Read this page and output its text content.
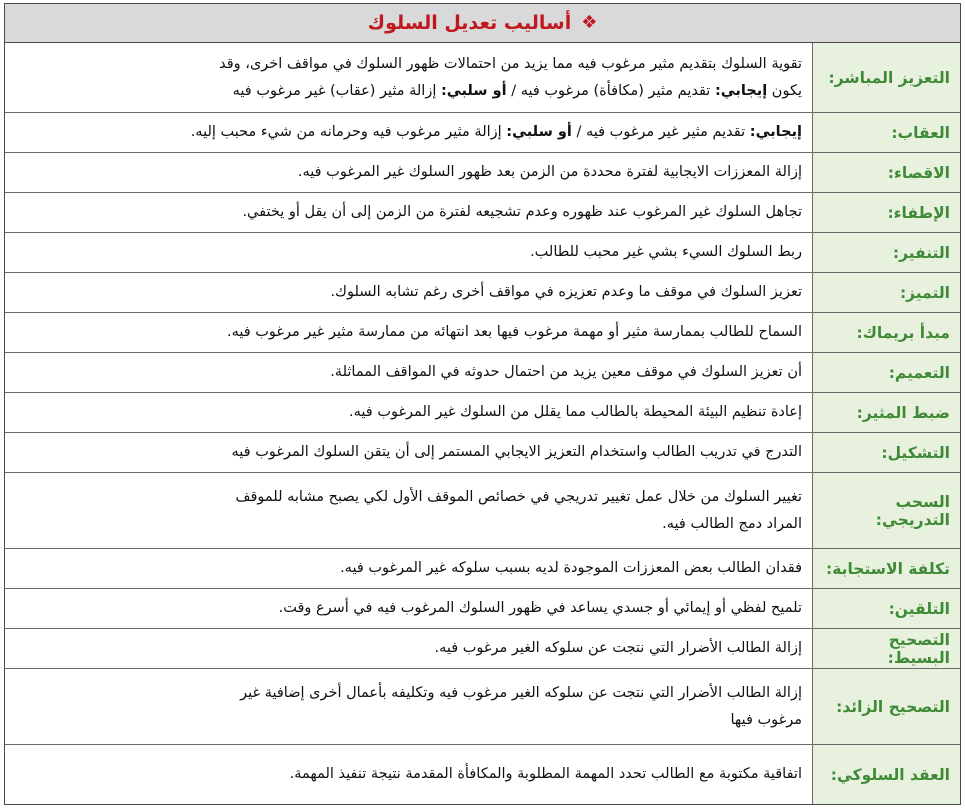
❖
أساليب تعديل السلوك
التعزيز المباشر:
تقوية السلوك بتقديم مثير مرغوب فيه مما يزيد من احتمالات ظهور السلوك في مواقف اخرى، وقد
يكون إيجابي: تقديم مثير (مكافأة) مرغوب فيه / أو سلبي: إزالة مثير (عقاب) غير مرغوب فيه
العقاب:
إيجابي: تقديم مثير غير مرغوب فيه / أو سلبي: إزالة مثير مرغوب فيه وحرمانه من شيء محبب إليه.
الاقصاء:
إزالة المعززات الايجابية لفترة محددة من الزمن بعد ظهور السلوك غير المرغوب فيه.
الإطفاء:
تجاهل السلوك غير المرغوب عند ظهوره وعدم تشجيعه لفترة من الزمن إلى أن يقل أو يختفي.
التنفير:
ربط السلوك السيء بشي غير محبب للطالب.
التميز:
تعزيز السلوك في موقف ما وعدم تعزيزه في مواقف أخرى رغم تشابه السلوك.
مبدأ بريماك:
السماح للطالب بممارسة مثير أو مهمة مرغوب فيها بعد انتهائه من ممارسة مثير غير مرغوب فيه.
التعميم:
أن تعزيز السلوك في موقف معين يزيد من احتمال حدوثه في المواقف المماثلة.
ضبط المثير:
إعادة تنظيم البيئة المحيطة بالطالب مما يقلل من السلوك غير المرغوب فيه.
التشكيل:
التدرج في تدريب الطالب واستخدام التعزيز الايجابي المستمر إلى أن يتقن السلوك المرغوب فيه
السحب التدريجي:
تغيير السلوك من خلال عمل تغيير تدريجي في خصائص الموقف الأول لكي يصبح مشابه للموقف
المراد دمج الطالب فيه.
تكلفة الاستجابة:
فقدان الطالب بعض المعززات الموجودة لديه بسبب سلوكه غير المرغوب فيه.
التلقين:
تلميح لفظي أو إيمائي أو جسدي يساعد في ظهور السلوك المرغوب فيه في أسرع وقت.
التصحيح البسيط:
إزالة الطالب الأضرار التي نتجت عن سلوكه الغير مرغوب فيه.
التصحيح الزائد:
إزالة الطالب الأضرار التي نتجت عن سلوكه الغير مرغوب فيه وتكليفه بأعمال أخرى إضافية غير
مرغوب فيها
العقد السلوكي:
اتفاقية مكتوبة مع الطالب تحدد المهمة المطلوبة والمكافأة المقدمة نتيجة تنفيذ المهمة.
